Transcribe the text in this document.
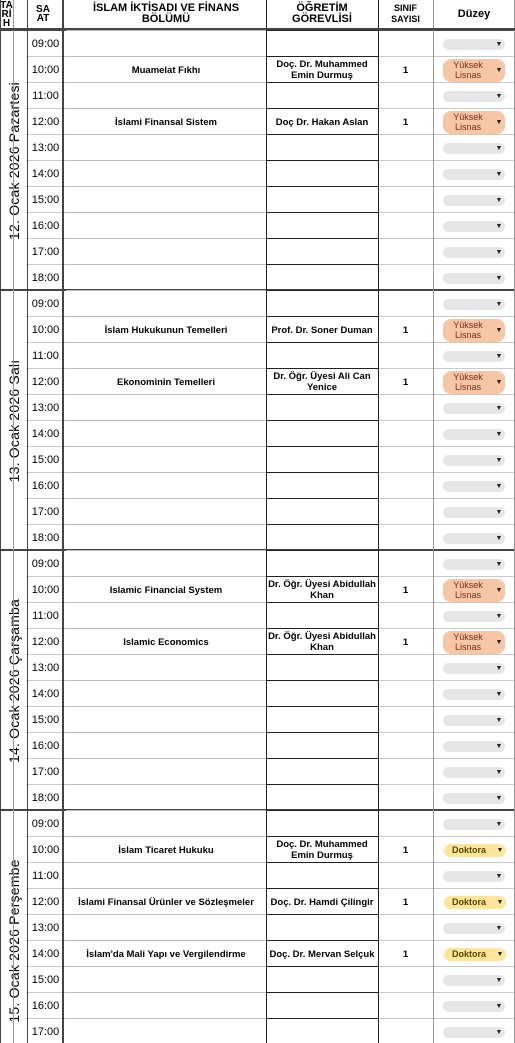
TARİH
SAAT
İSLAM İKTİSADI VE FİNANS BÖLÜMÜ
ÖĞRETİM GÖREVLİSİ
SINIF SAYISI	Düzey
12. Ocak 2026 Pazartesi
09:00	▼
10:00	Muamelat Fıkhı	Doç. Dr. Muhammed Emin Durmuş	1	Yüksek Lisnas	▼
11:00	▼
12:00	İslami Finansal Sistem	Doç Dr. Hakan Aslan	1	Yüksek Lisnas	▼
13:00	▼
14:00	▼
15:00	▼
16:00	▼
17:00	▼
18:00	▼
13. Ocak 2026 Salı
09:00	▼
10:00	İslam Hukukunun Temelleri	Prof. Dr. Soner Duman	1	Yüksek Lisnas	▼
11:00	▼
12:00	Ekonominin Temelleri	Dr. Öğr. Üyesi Ali Can Yenice	1	Yüksek Lisnas	▼
13:00	▼
14:00	▼
15:00	▼
16:00	▼
17:00	▼
18:00	▼
14. Ocak 2026 Çarşamba
09:00	▼
10:00	Islamic Financial System	Dr. Öğr. Üyesi Abidullah Khan	1	Yüksek Lisnas	▼
11:00	▼
12:00	Islamic Economics	Dr. Öğr. Üyesi Abidullah Khan	1	Yüksek Lisnas	▼
13:00	▼
14:00	▼
15:00	▼
16:00	▼
17:00	▼
18:00	▼
15. Ocak 2026 Perşembe
09:00	▼
10:00	İslam Ticaret Hukuku	Doç. Dr. Muhammed Emin Durmuş	1	Doktora	▼
11:00	▼
12:00	İslami Finansal Ürünler ve Sözleşmeler	Doç. Dr. Hamdi Çilingir	1	Doktora	▼
13:00	▼
14:00	İslam'da Mali Yapı ve Vergilendirme	Doç. Dr. Mervan Selçuk	1	Doktora	▼
15:00	▼
16:00	▼
17:00	▼
